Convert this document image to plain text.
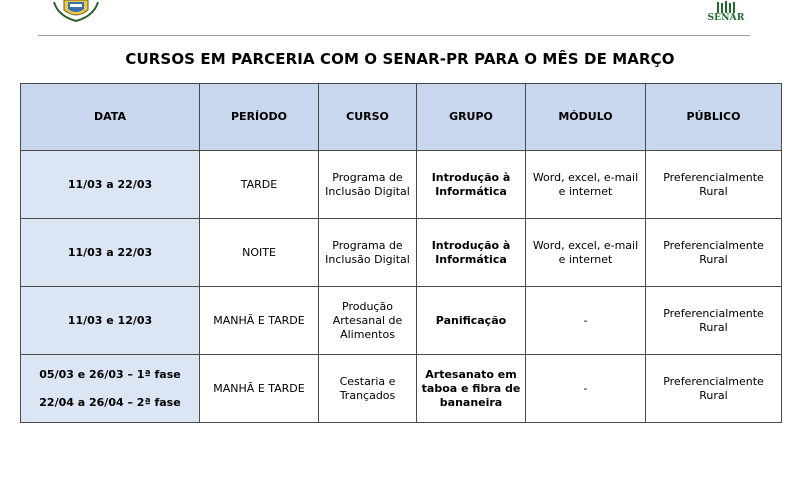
SENAR
CURSOS EM PARCERIA COM O SENAR-PR PARA O MÊS DE MARÇO
DATA	PERÍODO	CURSO	GRUPO	MÓDULO	PÚBLICO

11/03 a 22/03	TARDE	Programa de Inclusão Digital	Introdução à Informática	Word, excel, e-mail e internet	Preferencialmente Rural

11/03 a 22/03	NOITE	Programa de Inclusão Digital	Introdução à Informática	Word, excel, e-mail e internet	Preferencialmente Rural

11/03 e 12/03	MANHÃ E TARDE	Produção Artesanal de Alimentos	Panificação	-	Preferencialmente Rural

05/03 e 26/03 – 1ª fase
22/04 a 26/04 – 2ª fase	MANHÃ E TARDE	Cestaria e Trançados	Artesanato em taboa e fibra de bananeira	-	Preferencialmente Rural
